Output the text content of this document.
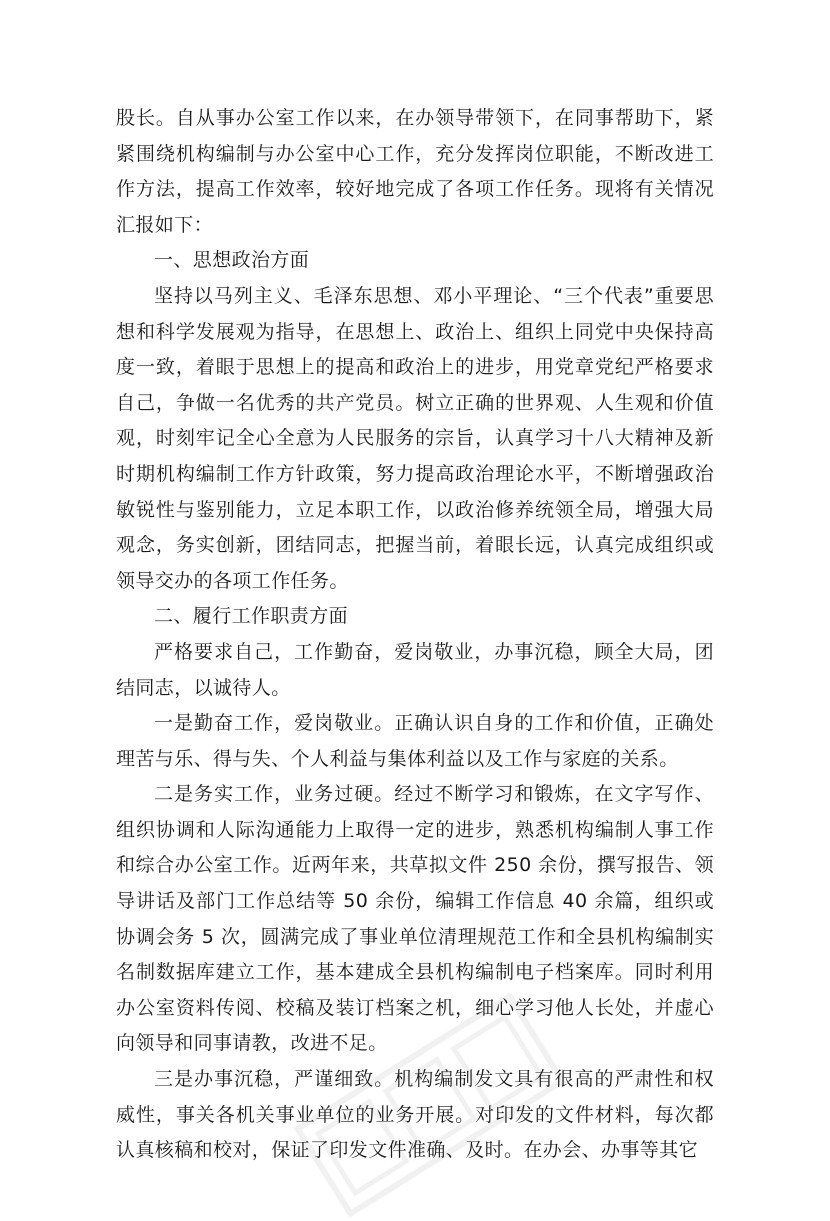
股长。自从事办公室工作以来，在办领导带领下，在同事帮助下，紧紧围绕机构编制与办公室中心工作，充分发挥岗位职能，不断改进工作方法，提高工作效率，较好地完成了各项工作任务。现将有关情况汇报如下：

一、思想政治方面

坚持以马列主义、毛泽东思想、邓小平理论、“三个代表”重要思想和科学发展观为指导，在思想上、政治上、组织上同党中央保持高度一致，着眼于思想上的提高和政治上的进步，用党章党纪严格要求自己，争做一名优秀的共产党员。树立正确的世界观、人生观和价值观，时刻牢记全心全意为人民服务的宗旨，认真学习十八大精神及新时期机构编制工作方针政策，努力提高政治理论水平，不断增强政治敏锐性与鉴别能力，立足本职工作，以政治修养统领全局，增强大局观念，务实创新，团结同志，把握当前，着眼长远，认真完成组织或领导交办的各项工作任务。

二、履行工作职责方面

严格要求自己，工作勤奋，爱岗敬业，办事沉稳，顾全大局，团结同志，以诚待人。

一是勤奋工作，爱岗敬业。正确认识自身的工作和价值，正确处理苦与乐、得与失、个人利益与集体利益以及工作与家庭的关系。

二是务实工作，业务过硬。经过不断学习和锻炼，在文字写作、组织协调和人际沟通能力上取得一定的进步，熟悉机构编制人事工作和综合办公室工作。近两年来，共草拟文件 250 余份，撰写报告、领导讲话及部门工作总结等 50 余份，编辑工作信息 40 余篇，组织或协调会务 5 次，圆满完成了事业单位清理规范工作和全县机构编制实名制数据库建立工作，基本建成全县机构编制电子档案库。同时利用办公室资料传阅、校稿及装订档案之机，细心学习他人长处，并虚心向领导和同事请教，改进不足。

三是办事沉稳，严谨细致。机构编制发文具有很高的严肃性和权威性，事关各机关事业单位的业务开展。对印发的文件材料，每次都认真核稿和校对，保证了印发文件准确、及时。在办会、办事等其它
